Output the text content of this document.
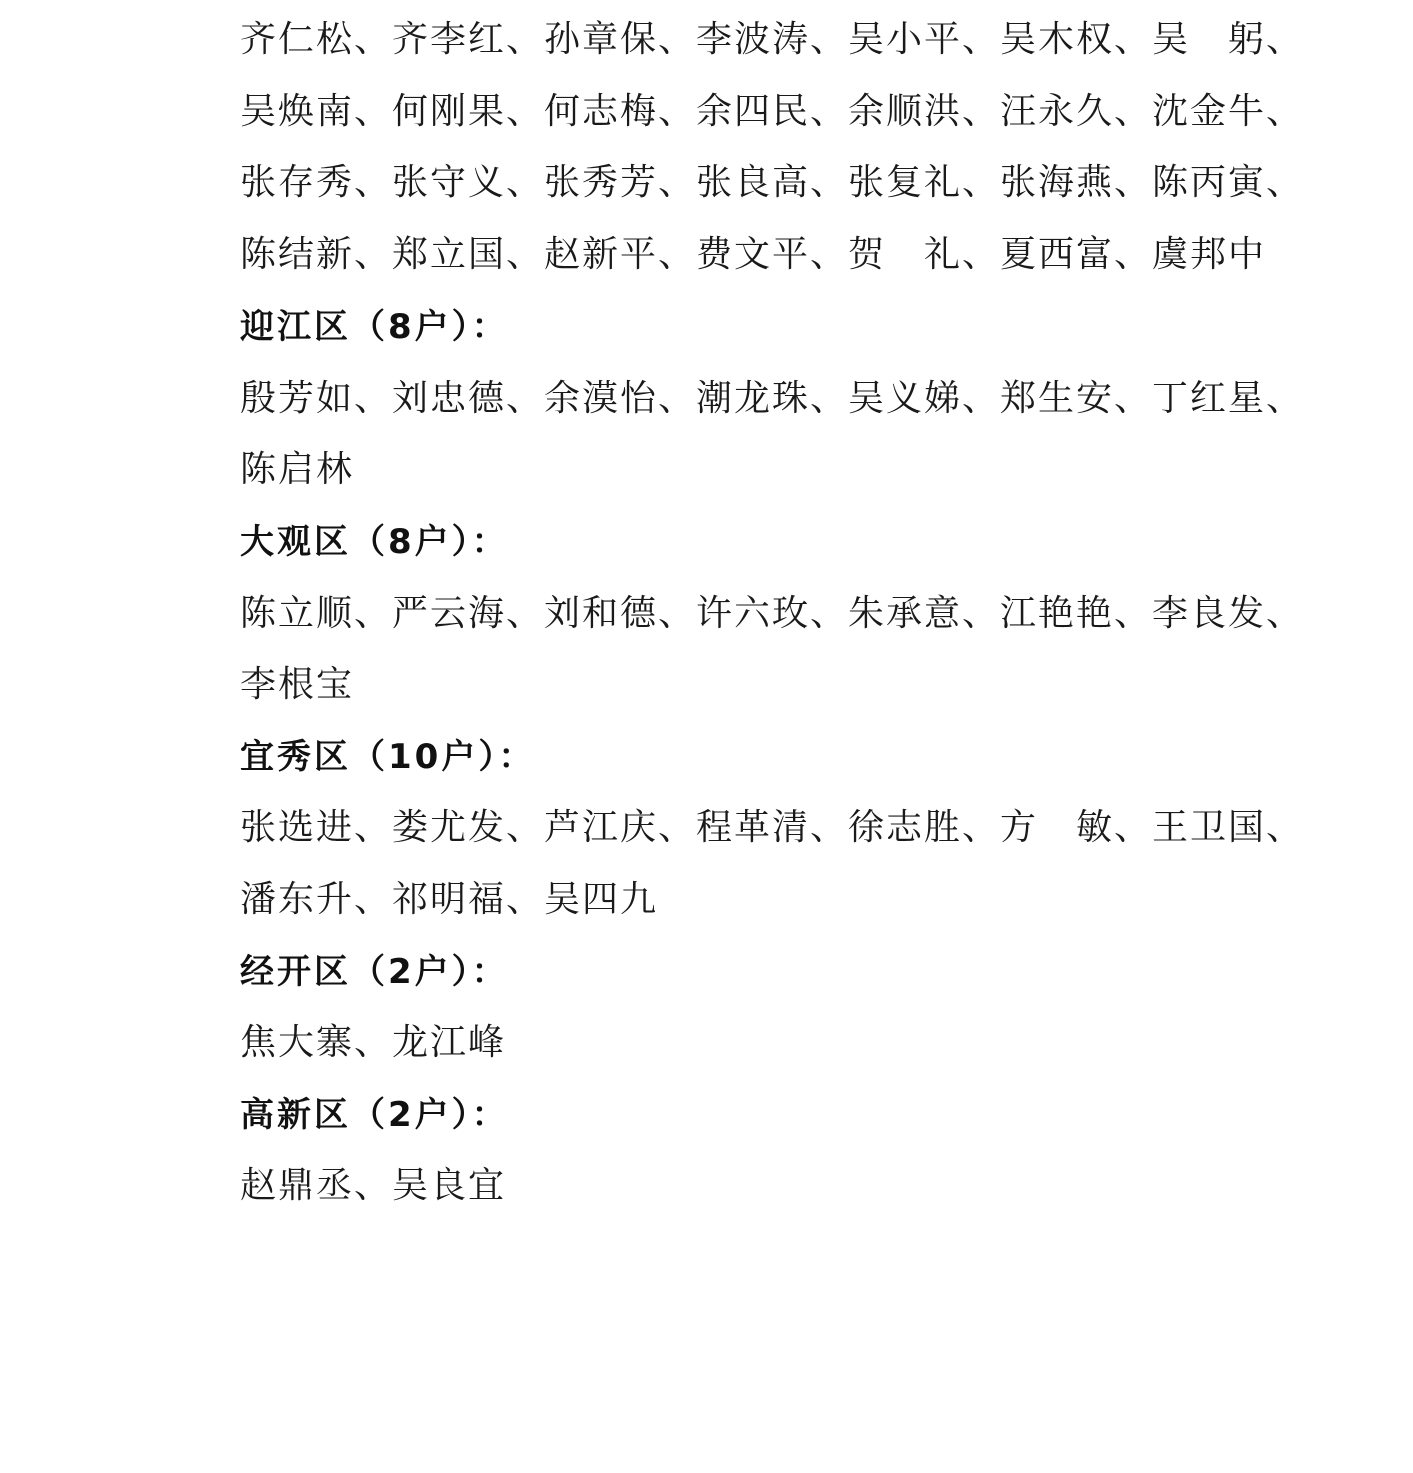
齐仁松、齐李红、孙章保、李波涛、吴小平、吴木权、吴　躬、
吴焕南、何刚果、何志梅、余四民、余顺洪、汪永久、沈金牛、
张存秀、张守义、张秀芳、张良高、张复礼、张海燕、陈丙寅、
陈结新、郑立国、赵新平、费文平、贺　礼、夏西富、虞邦中
迎江区（8户）：
殷芳如、刘忠德、余漠怡、潮龙珠、吴义娣、郑生安、丁红星、
陈启林
大观区（8户）：
陈立顺、严云海、刘和德、许六玫、朱承意、江艳艳、李良发、
李根宝
宜秀区（10户）：
张选进、娄尤发、芦江庆、程革清、徐志胜、方　敏、王卫国、
潘东升、祁明福、吴四九
经开区（2户）：
焦大寨、龙江峰
高新区（2户）：
赵鼎丞、吴良宜
